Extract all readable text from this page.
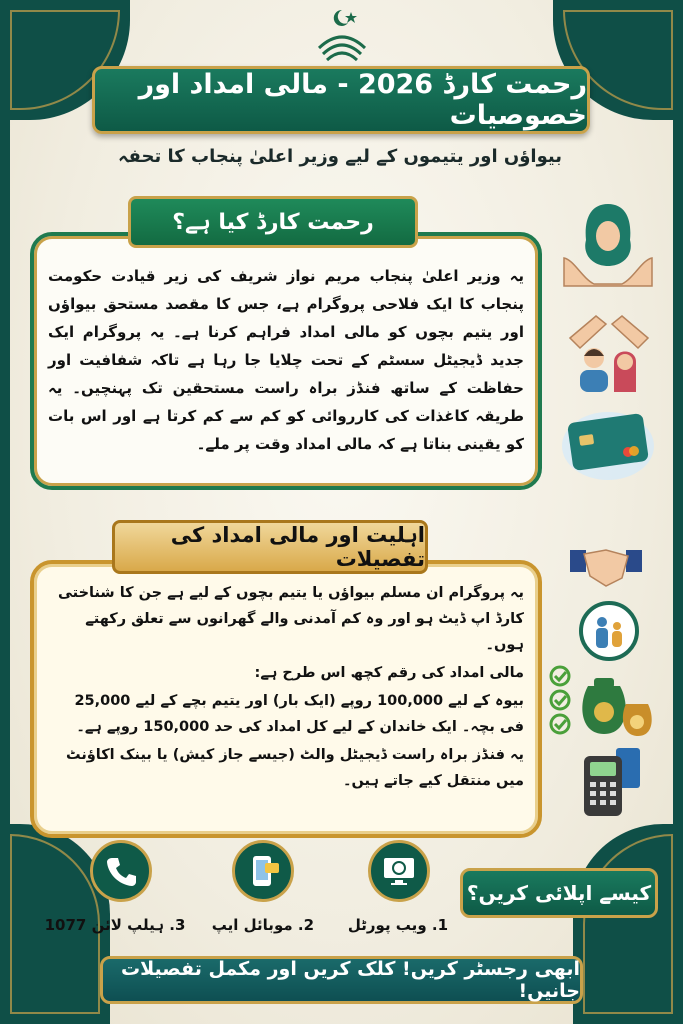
رحمت کارڈ 2026 - مالی امداد اور خصوصیات
بیواؤں اور یتیموں کے لیے وزیر اعلیٰ پنجاب کا تحفہ
رحمت کارڈ کیا ہے؟
یہ وزیر اعلیٰ پنجاب مریم نواز شریف کی زیر قیادت حکومت پنجاب کا ایک فلاحی پروگرام ہے، جس کا مقصد مستحق بیواؤں اور یتیم بچوں کو مالی امداد فراہم کرنا ہے۔ یہ پروگرام ایک جدید ڈیجیٹل سسٹم کے تحت چلایا جا رہا ہے تاکہ شفافیت اور حفاظت کے ساتھ فنڈز براہ راست مستحقین تک پہنچیں۔ یہ طریقہ کاغذات کی کارروائی کو کم سے کم کرتا ہے اور اس بات کو یقینی بناتا ہے کہ مالی امداد وقت پر ملے۔
اہلیت اور مالی امداد کی تفصیلات

یہ پروگرام ان مسلم بیواؤں یا یتیم بچوں کے لیے ہے جن کا شناختی کارڈ اپ ڈیٹ ہو اور وہ کم آمدنی والے گھرانوں سے تعلق رکھتے ہوں۔

مالی امداد کی رقم کچھ اس طرح ہے:

بیوہ کے لیے 100,000 روپے (ایک بار) اور یتیم بچے کے لیے 25,000 فی بچہ۔ ایک خاندان کے لیے کل امداد کی حد 150,000 روپے ہے۔

یہ فنڈز براہ راست ڈیجیٹل والٹ (جیسے جاز کیش) یا بینک اکاؤنٹ میں منتقل کیے جاتے ہیں۔

کیسے اپلائی کریں؟
1. ویب پورٹل
2. موبائل ایپ
3. ہیلپ لائن 1077
ابھی رجسٹر کریں! کلک کریں اور مکمل تفصیلات جانیں!
